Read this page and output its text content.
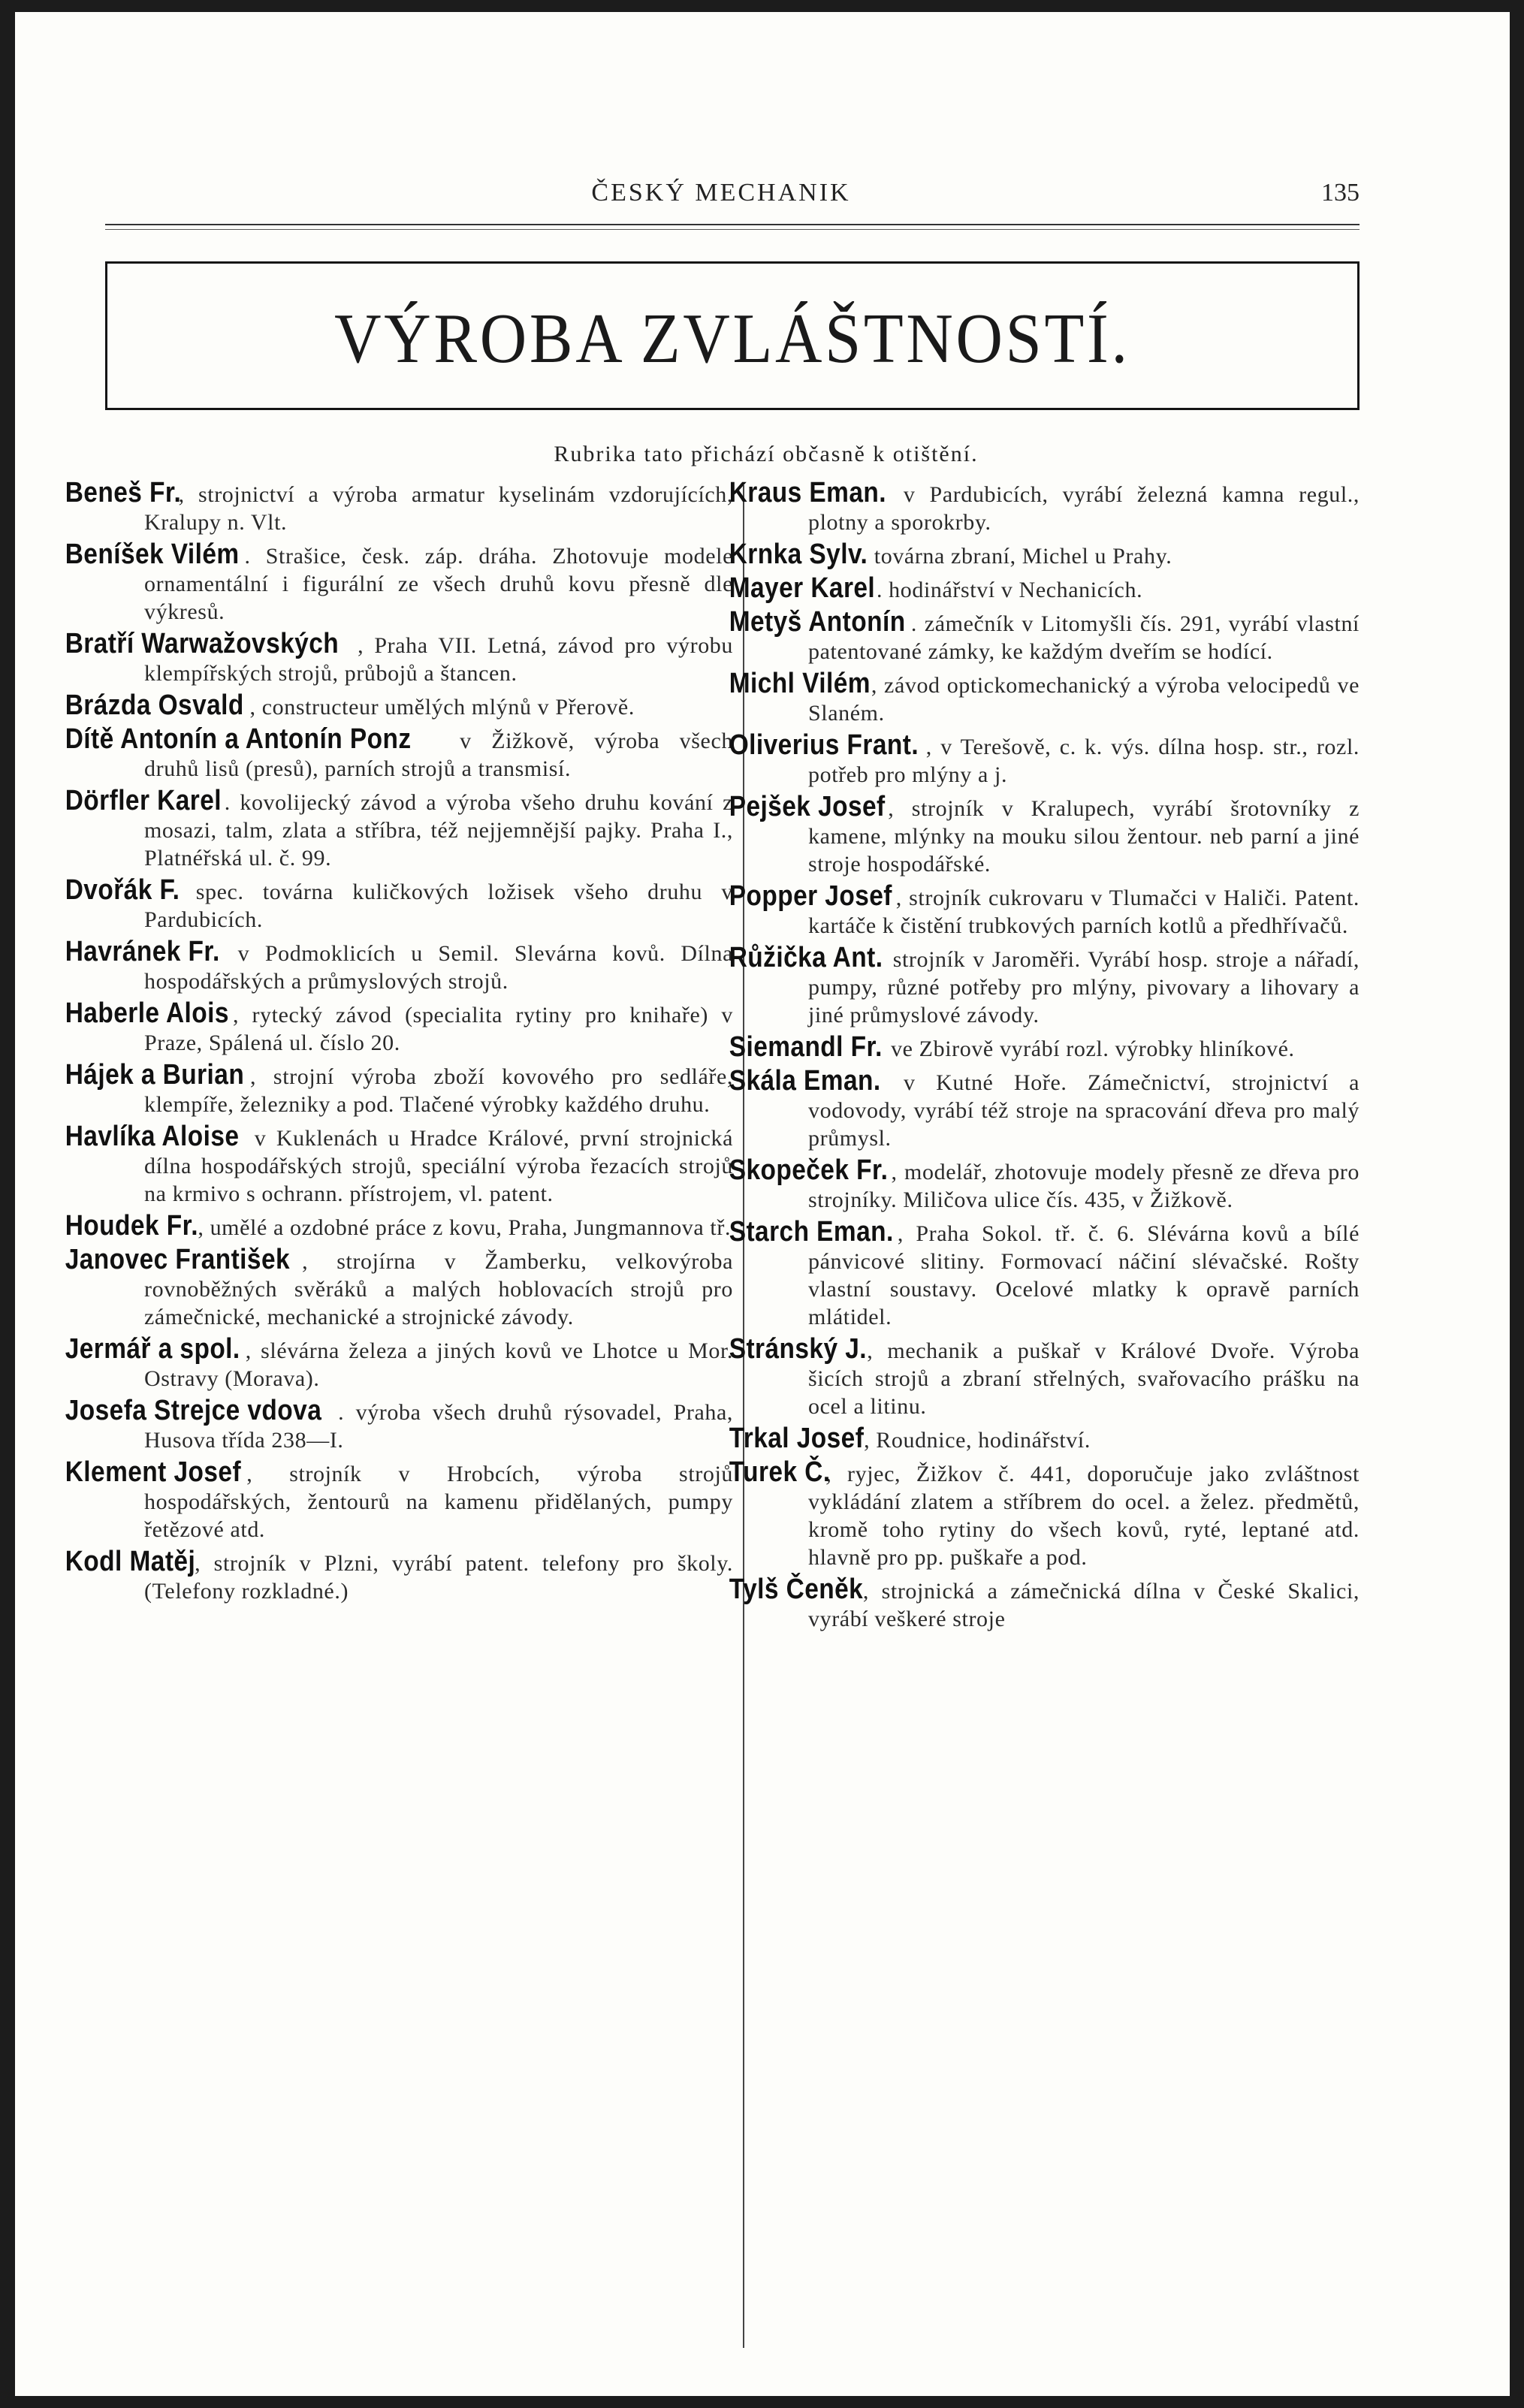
ČESKÝ MECHANIK	135
VÝROBA ZVLÁŠTNOSTÍ.
Rubrika tato přichází občasně k otištění.

Beneš Fr., strojnictví a výroba armatur kyselinám vzdorujících, Kralupy n. Vlt.

Beníšek Vilém . Strašice, česk. záp. dráha. Zhotovuje modele ornamentální i figurální ze všech druhů kovu přesně dle výkresů.

Bratří Warwažovských , Praha VII. Letná, závod pro výrobu klempířských strojů, průbojů a štancen.

Brázda Osvald , constructeur umělých mlýnů v Přerově.

Dítě Antonín a Antonín Ponz v Žižkově, výroba všech druhů lisů (presů), parních strojů a transmisí.

Dörfler Karel . kovolijecký závod a výroba všeho druhu kování z mosazi, talm, zlata a stříbra, též nejjemnější pajky. Praha I., Platnéřská ul. č. 99.

Dvořák F. spec. továrna kuličkových ložisek všeho druhu v Pardubicích.

Havránek Fr. v Podmoklicích u Semil. Slevárna kovů. Dílna hospodářských a průmyslových strojů.

Haberle Alois , rytecký závod (specialita rytiny pro knihaře) v Praze, Spálená ul. číslo 20.

Hájek a Burian , strojní výroba zboží kovového pro sedláře, klempíře, železniky a pod. Tlačené výrobky každého druhu.

Havlíka Aloise v Kuklenách u Hradce Králové, první strojnická dílna hospodářských strojů, speciální výroba řezacích strojů na krmivo s ochrann. přístrojem, vl. patent.

Houdek Fr., umělé a ozdobné práce z kovu, Praha, Jungmannova tř.

Janovec František , strojírna v Žamberku, velkovýroba rovnoběžných svěráků a malých hoblovacích strojů pro zámečnické, mechanické a strojnické závody.

Jermář a spol. , slévárna železa a jiných kovů ve Lhotce u Mor. Ostravy (Morava).

Josefa Strejce vdova . výroba všech druhů rýsovadel, Praha, Husova třída 238—I.

Klement Josef , strojník v Hrobcích, výroba strojů hospodářských, žentourů na kamenu přidělaných, pumpy řetězové atd.

Kodl Matěj, strojník v Plzni, vyrábí patent. telefony pro školy. (Telefony rozkladné.)

Kraus Eman. v Pardubicích, vyrábí železná kamna regul., plotny a sporokrby.

Krnka Sylv. továrna zbraní, Michel u Prahy.

Mayer Karel. hodinářství v Nechanicích.

Metyš Antonín . zámečník v Litomyšli čís. 291, vyrábí vlastní patentované zámky, ke každým dveřím se hodící.

Michl Vilém, závod optickomechanický a výroba velocipedů ve Slaném.

Oliverius Frant. , v Terešově, c. k. výs. dílna hosp. str., rozl. potřeb pro mlýny a j.

Pejšek Josef , strojník v Kralupech, vyrábí šrotovníky z kamene, mlýnky na mouku silou žentour. neb parní a jiné stroje hospodářské.

Popper Josef , strojník cukrovaru v Tlumačci v Haliči. Patent. kartáče k čistění trubkových parních kotlů a předhřívačů.

Růžička Ant. strojník v Jaroměři. Vyrábí hosp. stroje a nářadí, pumpy, různé potřeby pro mlýny, pivovary a lihovary a jiné průmyslové závody.

Siemandl Fr. ve Zbirově vyrábí rozl. výrobky hliníkové.

Skála Eman. v Kutné Hoře. Zámečnictví, strojnictví a vodovody, vyrábí též stroje na spracování dřeva pro malý průmysl.

Skopeček Fr. , modelář, zhotovuje modely přesně ze dřeva pro strojníky. Miličova ulice čís. 435, v Žižkově.

Starch Eman. , Praha Sokol. tř. č. 6. Slévárna kovů a bílé pánvicové slitiny. Formovací náčiní slévačské. Rošty vlastní soustavy. Ocelové mlatky k opravě parních mlátidel.

Stránský J., mechanik a puškař v Králové Dvoře. Výroba šicích strojů a zbraní střelných, svařovacího prášku na ocel a litinu.

Trkal Josef, Roudnice, hodinářství.

Turek Č., ryjec, Žižkov č. 441, doporučuje jako zvláštnost vykládání zlatem a stříbrem do ocel. a želez. předmětů, kromě toho rytiny do všech kovů, ryté, leptané atd. hlavně pro pp. puškaře a pod.

Tylš Čeněk, strojnická a zámečnická dílna v České Skalici, vyrábí veškeré stroje
